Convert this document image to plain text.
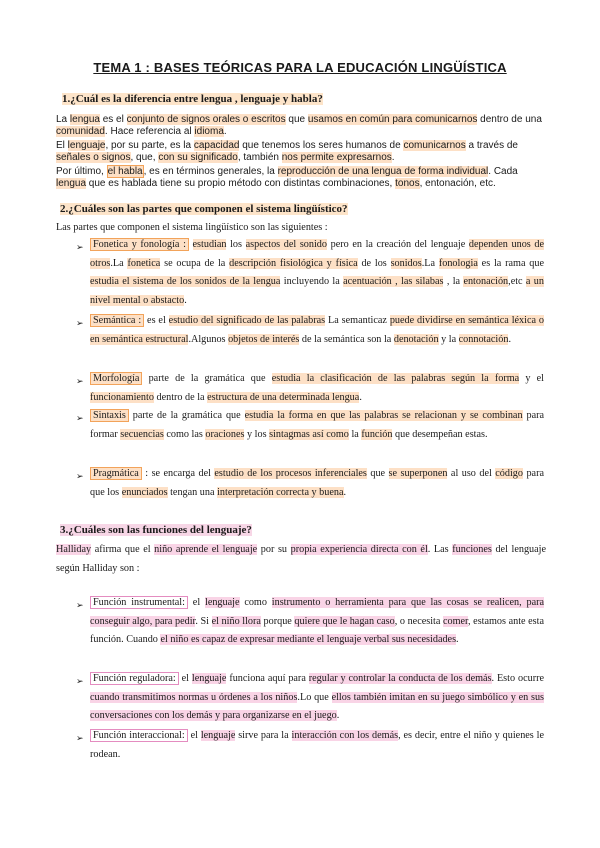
TEMA 1 : BASES TEÓRICAS PARA LA EDUCACIÓN LINGÜÍSTICA
1.¿Cuál es la diferencia entre lengua , lenguaje y habla?
La lengua es el conjunto de signos orales o escritos que usamos en común para comunicarnos dentro de una comunidad. Hace referencia al idioma.
El lenguaje, por su parte, es la capacidad que tenemos los seres humanos de comunicarnos a través de señales o signos, que, con su significado, también nos permite expresarnos.
Por último, el habla, es en términos generales, la reproducción de una lengua de forma individual. Cada lengua que es hablada tiene su propio método con distintas combinaciones, tonos, entonación, etc.
2.¿Cuáles son las partes que componen el sistema lingüístico?
Las partes que componen el sistema lingüístico son las siguientes :
➢ Fonetica y fonología : estudian los aspectos del sonido pero en la creación del lenguaje dependen unos de otros.La fonetica se ocupa de la descripción fisiológica y física de los sonidos.La fonologia es la rama que estudia el sistema de los sonidos de la lengua incluyendo la acentuación , las silabas , la entonación,etc a un nivel mental o abstacto.
➢ Semántica : es el estudio del significado de las palabras La semanticaz puede dividirse en semántica léxica o en semántica estructural.Algunos objetos de interés de la semántica son la denotación y la connotación.
➢ Morfología parte de la gramática que estudia la clasificación de las palabras según la forma y el funcionamiento dentro de la estructura de una determinada lengua.
➢ Sintaxis parte de la gramática que estudia la forma en que las palabras se relacionan y se combinan para formar secuencias como las oraciones y los sintagmas así como la función que desempeñan estas.
➢ Pragmática : se encarga del estudio de los procesos inferenciales que se superponen al uso del código para que los enunciados tengan una interpretación correcta y buena.
3.¿Cuáles son las funciones del lenguaje?
Halliday afirma que el niño aprende el lenguaje por su propia experiencia directa con él. Las funciones del lenguaje según Halliday son :
➢ Función instrumental: el lenguaje como instrumento o herramienta para que las cosas se realicen, para conseguir algo, para pedir. Si el niño llora porque quiere que le hagan caso, o necesita comer, estamos ante esta función. Cuando el niño es capaz de expresar mediante el lenguaje verbal sus necesidades.
➢ Función reguladora: el lenguaje funciona aquí para regular y controlar la conducta de los demás. Esto ocurre cuando transmitimos normas u órdenes a los niños.Lo que ellos también imitan en su juego simbólico y en sus conversaciones con los demás y para organizarse en el juego.
➢ Función interaccional: el lenguaje sirve para la interacción con los demás, es decir, entre el niño y quienes le rodean.
